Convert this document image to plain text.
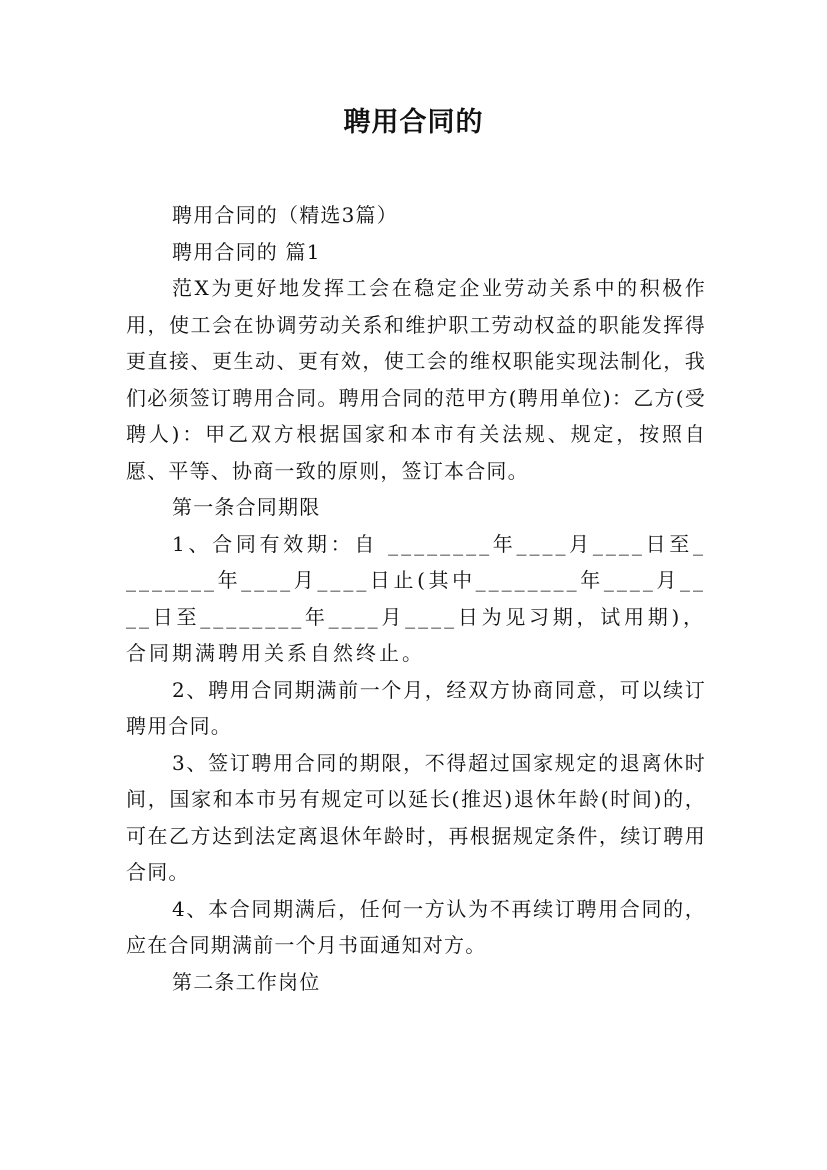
聘用合同的

聘用合同的（精选3篇）

聘用合同的 篇1

范X为更好地发挥工会在稳定企业劳动关系中的积极作用，使工会在协调劳动关系和维护职工劳动权益的职能发挥得更直接、更生动、更有效，使工会的维权职能实现法制化，我们必须签订聘用合同。聘用合同的范甲方(聘用单位)：乙方(受聘人)：甲乙双方根据国家和本市有关法规、规定，按照自愿、平等、协商一致的原则，签订本合同。

第一条合同期限

1、合同有效期：自 ________年____月____日至________年____月____日止(其中________年____月____日至________年____月____日为见习期，试用期)，合同期满聘用关系自然终止。

2、聘用合同期满前一个月，经双方协商同意，可以续订聘用合同。

3、签订聘用合同的期限，不得超过国家规定的退离休时间，国家和本市另有规定可以延长(推迟)退休年龄(时间)的，可在乙方达到法定离退休年龄时，再根据规定条件，续订聘用合同。

4、本合同期满后，任何一方认为不再续订聘用合同的，应在合同期满前一个月书面通知对方。

第二条工作岗位
